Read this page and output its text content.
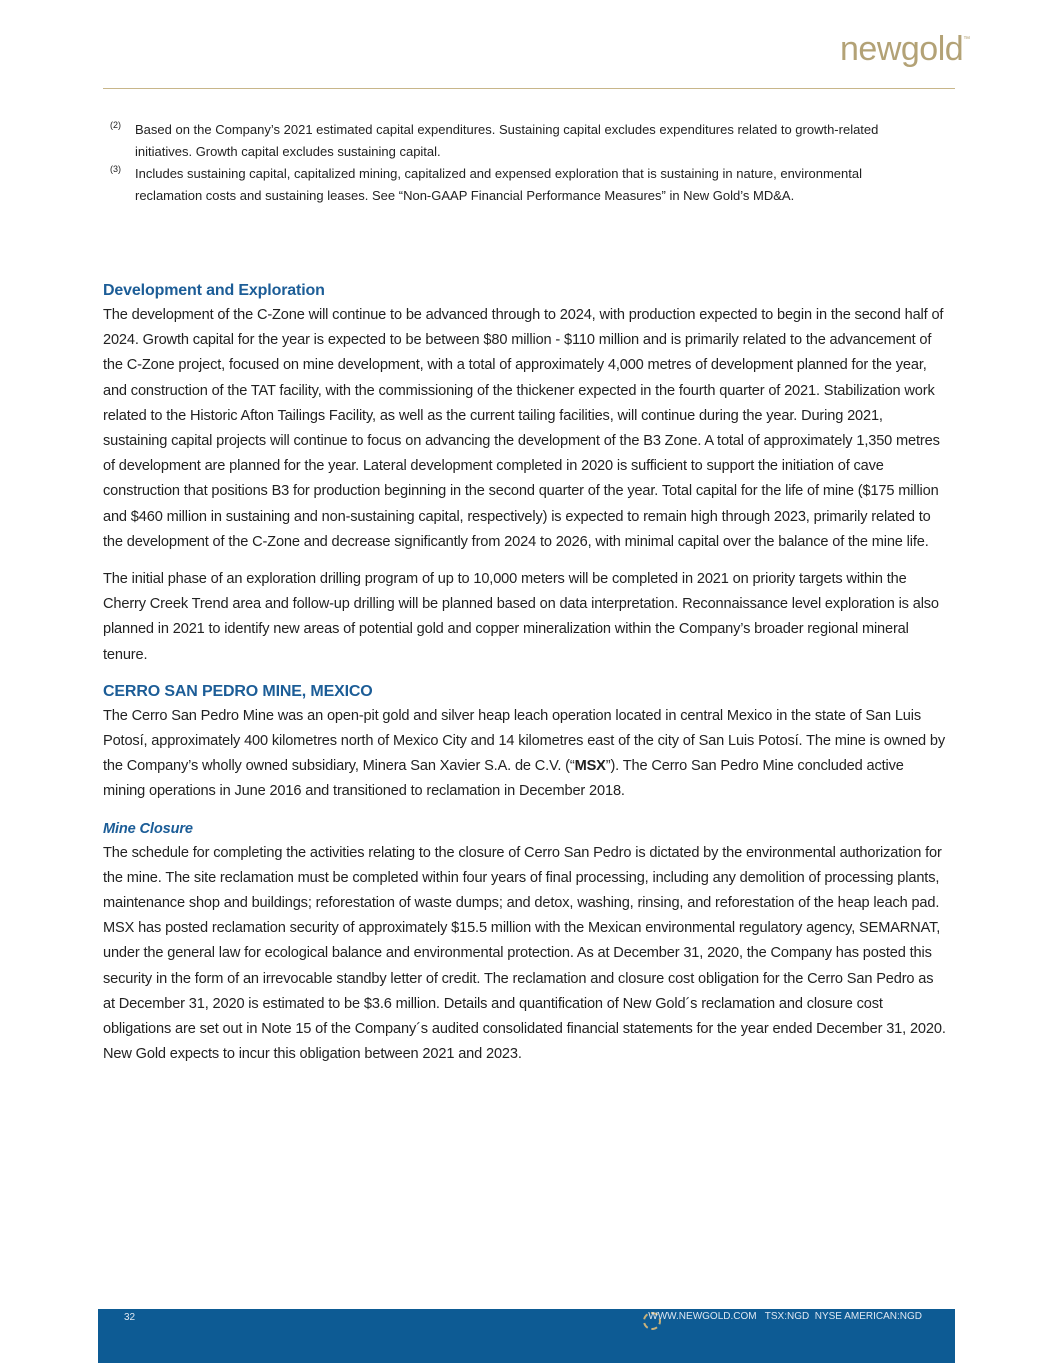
newgold™
(2)	Based on the Company’s 2021 estimated capital expenditures. Sustaining capital excludes expenditures related to growth-related initiatives. Growth capital excludes sustaining capital.
(3)	Includes sustaining capital, capitalized mining, capitalized and expensed exploration that is sustaining in nature, environmental reclamation costs and sustaining leases. See “Non-GAAP Financial Performance Measures” in New Gold’s MD&A.
Development and Exploration

The development of the C-Zone will continue to be advanced through to 2024, with production expected to begin in the second half of 2024. Growth capital for the year is expected to be between $80 million - $110 million and is primarily related to the advancement of the C-Zone project, focused on mine development, with a total of approximately 4,000 metres of development planned for the year, and construction of the TAT facility, with the commissioning of the thickener expected in the fourth quarter of 2021. Stabilization work related to the Historic Afton Tailings Facility, as well as the current tailing facilities, will continue during the year. During 2021, sustaining capital projects will continue to focus on advancing the development of the B3 Zone. A total of approximately 1,350 metres of development are planned for the year. Lateral development completed in 2020 is sufficient to support the initiation of cave construction that positions B3 for production beginning in the second quarter of the year. Total capital for the life of mine ($175 million and $460 million in sustaining and non-sustaining capital, respectively) is expected to remain high through 2023, primarily related to the development of the C-Zone and decrease significantly from 2024 to 2026, with minimal capital over the balance of the mine life.

The initial phase of an exploration drilling program of up to 10,000 meters will be completed in 2021 on priority targets within the Cherry Creek Trend area and follow-up drilling will be planned based on data interpretation. Reconnaissance level exploration is also planned in 2021 to identify new areas of potential gold and copper mineralization within the Company’s broader regional mineral tenure.

CERRO SAN PEDRO MINE, MEXICO

The Cerro San Pedro Mine was an open-pit gold and silver heap leach operation located in central Mexico in the state of San Luis Potosí, approximately 400 kilometres north of Mexico City and 14 kilometres east of the city of San Luis Potosí. The mine is owned by the Company’s wholly owned subsidiary, Minera San Xavier S.A. de C.V. (“MSX”). The Cerro San Pedro Mine concluded active mining operations in June 2016 and transitioned to reclamation in December 2018.

Mine Closure

The schedule for completing the activities relating to the closure of Cerro San Pedro is dictated by the environmental authorization for the mine. The site reclamation must be completed within four years of final processing, including any demolition of processing plants, maintenance shop and buildings; reforestation of waste dumps; and detox, washing, rinsing, and reforestation of the heap leach pad. MSX has posted reclamation security of approximately $15.5 million with the Mexican environmental regulatory agency, SEMARNAT, under the general law for ecological balance and environmental protection. As at December 31, 2020, the Company has posted this security in the form of an irrevocable standby letter of credit. The reclamation and closure cost obligation for the Cerro San Pedro as at December 31, 2020 is estimated to be $3.6 million. Details and quantification of New Gold´s reclamation and closure cost obligations are set out in Note 15 of the Company´s audited consolidated financial statements for the year ended December 31, 2020. New Gold expects to incur this obligation between 2021 and 2023.

32	WWW.NEWGOLD.COM   TSX:NGD  NYSE AMERICAN:NGD
